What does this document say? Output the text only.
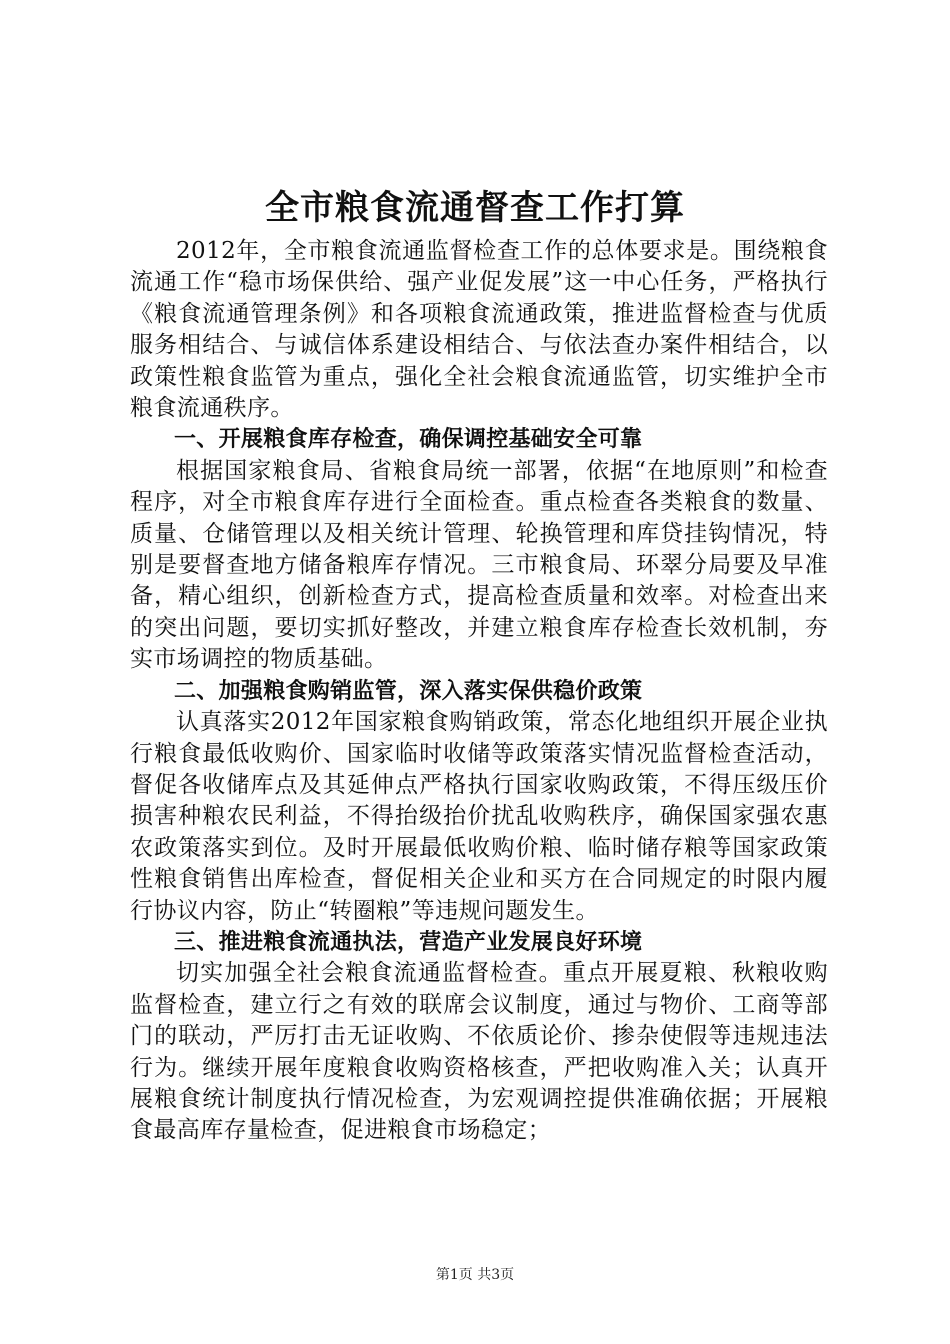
全市粮食流通督查工作打算

2012年，全市粮食流通监督检查工作的总体要求是。围绕粮食流通工作“稳市场保供给、强产业促发展”这一中心任务，严格执行《粮食流通管理条例》和各项粮食流通政策，推进监督检查与优质服务相结合、与诚信体系建设相结合、与依法查办案件相结合，以政策性粮食监管为重点，强化全社会粮食流通监管，切实维护全市粮食流通秩序。

一、开展粮食库存检查，确保调控基础安全可靠

根据国家粮食局、省粮食局统一部署，依据“在地原则”和检查程序，对全市粮食库存进行全面检查。重点检查各类粮食的数量、质量、仓储管理以及相关统计管理、轮换管理和库贷挂钩情况，特别是要督查地方储备粮库存情况。三市粮食局、环翠分局要及早准备，精心组织，创新检查方式，提高检查质量和效率。对检查出来的突出问题，要切实抓好整改，并建立粮食库存检查长效机制，夯实市场调控的物质基础。

二、加强粮食购销监管，深入落实保供稳价政策

认真落实2012年国家粮食购销政策，常态化地组织开展企业执行粮食最低收购价、国家临时收储等政策落实情况监督检查活动，督促各收储库点及其延伸点严格执行国家收购政策，不得压级压价损害种粮农民利益，不得抬级抬价扰乱收购秩序，确保国家强农惠农政策落实到位。及时开展最低收购价粮、临时储存粮等国家政策性粮食销售出库检查，督促相关企业和买方在合同规定的时限内履行协议内容，防止“转圈粮”等违规问题发生。

三、推进粮食流通执法，营造产业发展良好环境

切实加强全社会粮食流通监督检查。重点开展夏粮、秋粮收购监督检查，建立行之有效的联席会议制度，通过与物价、工商等部门的联动，严厉打击无证收购、不依质论价、掺杂使假等违规违法行为。继续开展年度粮食收购资格核查，严把收购准入关；认真开展粮食统计制度执行情况检查，为宏观调控提供准确依据；开展粮食最高库存量检查，促进粮食市场稳定；

第1页 共3页
